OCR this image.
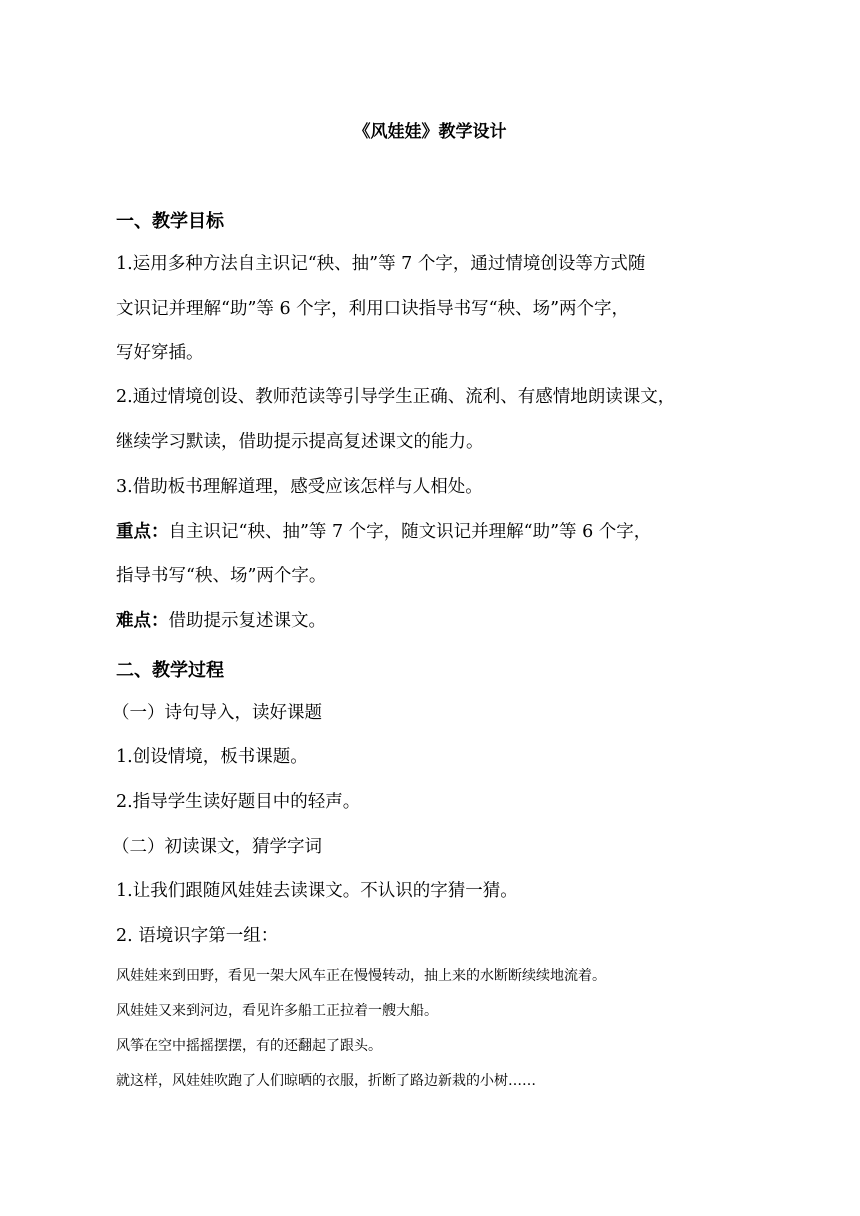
《风娃娃》教学设计
一、教学目标
1.运用多种方法自主识记“秧、抽”等 7 个字，通过情境创设等方式随
文识记并理解“助”等 6 个字，利用口诀指导书写“秧、场”两个字，
写好穿插。
2.通过情境创设、教师范读等引导学生正确、流利、有感情地朗读课文，
继续学习默读，借助提示提高复述课文的能力。
3.借助板书理解道理，感受应该怎样与人相处。
重点：自主识记“秧、抽”等 7 个字，随文识记并理解“助”等 6 个字，
指导书写“秧、场”两个字。
难点：借助提示复述课文。
二、教学过程
（一）诗句导入，读好课题
1.创设情境，板书课题。
2.指导学生读好题目中的轻声。
（二）初读课文，猜学字词
1.让我们跟随风娃娃去读课文。不认识的字猜一猜。
2. 语境识字第一组：
风娃娃来到田野，看见一架大风车正在慢慢转动，抽上来的水断断续续地流着。
风娃娃又来到河边，看见许多船工正拉着一艘大船。
风筝在空中摇摇摆摆，有的还翻起了跟头。
就这样，风娃娃吹跑了人们晾晒的衣服，折断了路边新栽的小树……
